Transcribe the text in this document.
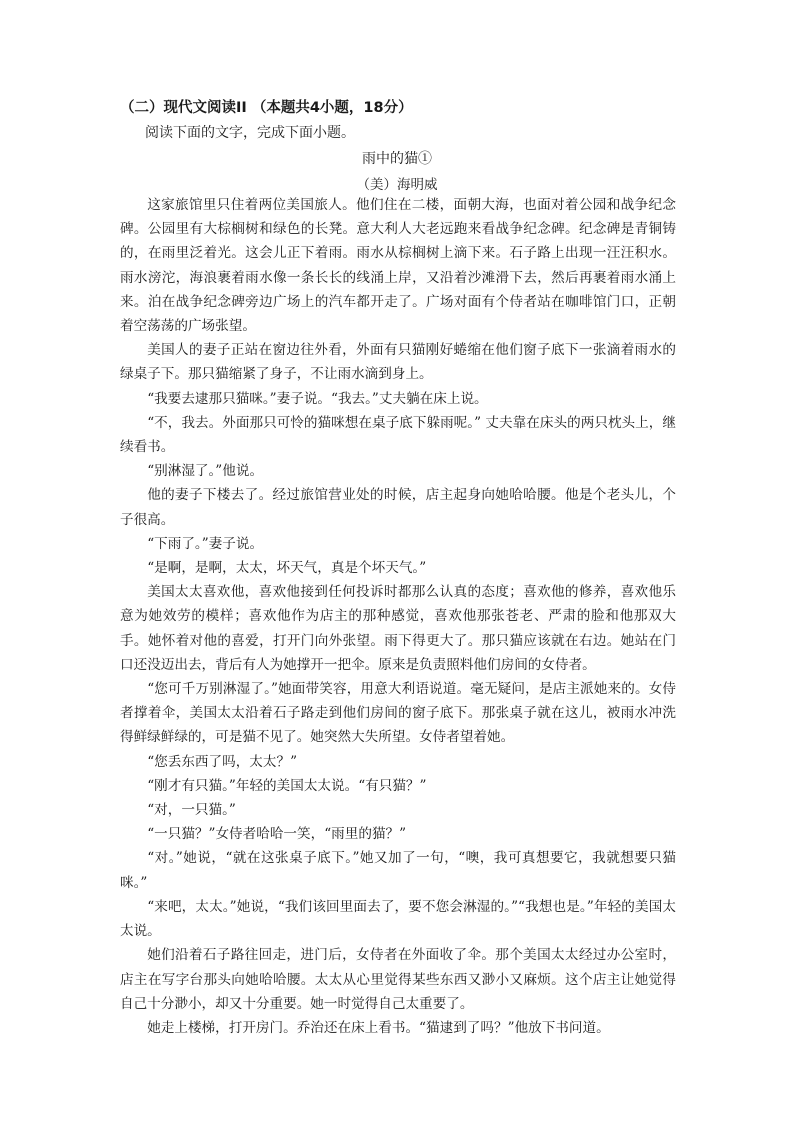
（二）现代文阅读II （本题共4小题，18分）
阅读下面的文字，完成下面小题。
雨中的猫①
（美）海明威

这家旅馆里只住着两位美国旅人。他们住在二楼，面朝大海，也面对着公园和战争纪念碑。公园里有大棕榈树和绿色的长凳。意大利人大老远跑来看战争纪念碑。纪念碑是青铜铸的，在雨里泛着光。这会儿正下着雨。雨水从棕榈树上滴下来。石子路上出现一汪汪积水。雨水滂沱，海浪裹着雨水像一条长长的线涌上岸，又沿着沙滩滑下去，然后再裹着雨水涌上来。泊在战争纪念碑旁边广场上的汽车都开走了。广场对面有个侍者站在咖啡馆门口，正朝着空荡荡的广场张望。

美国人的妻子正站在窗边往外看，外面有只猫刚好蜷缩在他们窗子底下一张滴着雨水的绿桌子下。那只猫缩紧了身子，不让雨水滴到身上。

“我要去逮那只猫咪。”妻子说。“我去。”丈夫躺在床上说。

“不，我去。外面那只可怜的猫咪想在桌子底下躲雨呢。” 丈夫靠在床头的两只枕头上，继续看书。

“别淋湿了。”他说。

他的妻子下楼去了。经过旅馆营业处的时候，店主起身向她哈哈腰。他是个老头儿，个子很高。

“下雨了。”妻子说。

“是啊，是啊，太太，坏天气，真是个坏天气。”

美国太太喜欢他，喜欢他接到任何投诉时都那么认真的态度；喜欢他的修养，喜欢他乐意为她效劳的模样；喜欢他作为店主的那种感觉，喜欢他那张苍老、严肃的脸和他那双大手。她怀着对他的喜爱，打开门向外张望。雨下得更大了。那只猫应该就在右边。她站在门口还没迈出去，背后有人为她撑开一把伞。原来是负责照料他们房间的女侍者。

“您可千万别淋湿了。”她面带笑容，用意大利语说道。毫无疑问，是店主派她来的。女侍者撑着伞，美国太太沿着石子路走到他们房间的窗子底下。那张桌子就在这儿，被雨水冲洗得鲜绿鲜绿的，可是猫不见了。她突然大失所望。女侍者望着她。

“您丢东西了吗，太太？”

“刚才有只猫。”年轻的美国太太说。“有只猫？”

“对，一只猫。”

“一只猫？”女侍者哈哈一笑，“雨里的猫？”

“对。”她说，“就在这张桌子底下。”她又加了一句，“噢，我可真想要它，我就想要只猫咪。”

“来吧，太太。”她说，“我们该回里面去了，要不您会淋湿的。”“我想也是。”年轻的美国太太说。

她们沿着石子路往回走，进门后，女侍者在外面收了伞。那个美国太太经过办公室时，店主在写字台那头向她哈哈腰。太太从心里觉得某些东西又渺小又麻烦。这个店主让她觉得自己十分渺小，却又十分重要。她一时觉得自己太重要了。

她走上楼梯，打开房门。乔治还在床上看书。“猫逮到了吗？”他放下书问道。
